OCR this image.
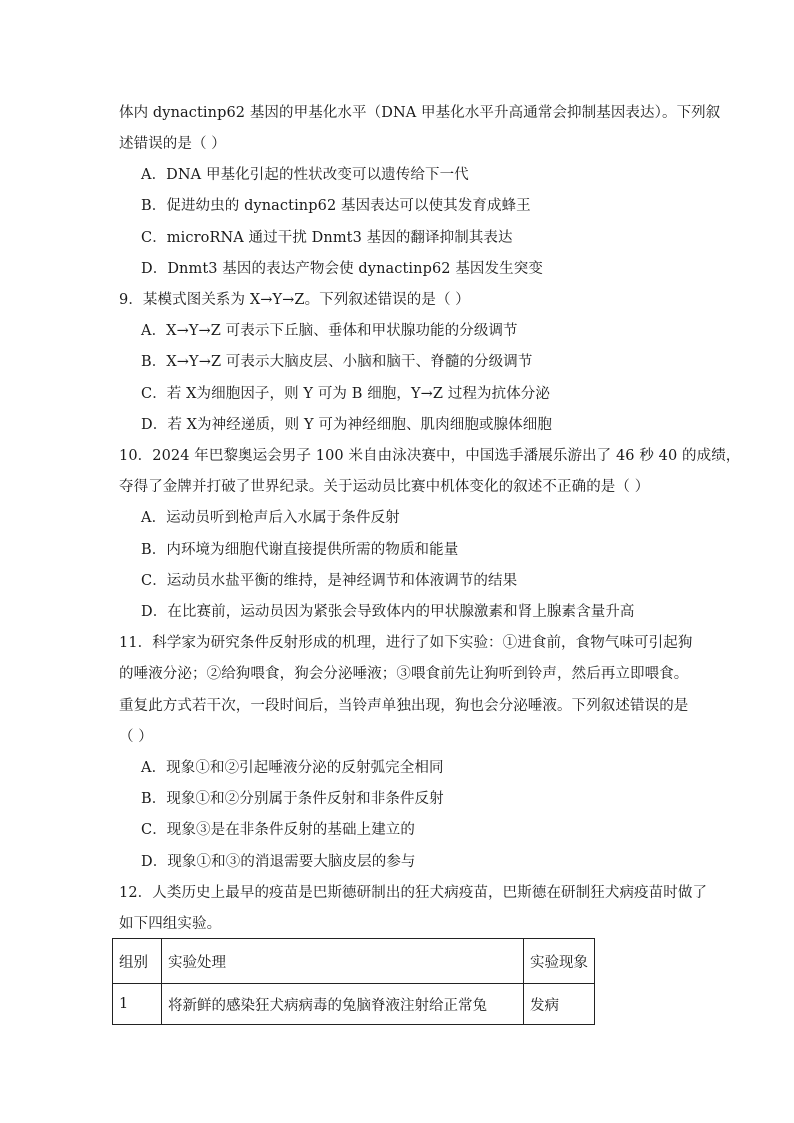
体内 dynactinp62 基因的甲基化水平（DNA 甲基化水平升高通常会抑制基因表达）。下列叙
述错误的是（ ）
A．DNA 甲基化引起的性状改变可以遗传给下一代
B．促进幼虫的 dynactinp62 基因表达可以使其发育成蜂王
C．microRNA 通过干扰 Dnmt3 基因的翻译抑制其表达
D．Dnmt3 基因的表达产物会使 dynactinp62 基因发生突变
9．某模式图关系为 X→Y→Z。下列叙述错误的是（ ）
A．X→Y→Z 可表示下丘脑、垂体和甲状腺功能的分级调节
B．X→Y→Z 可表示大脑皮层、小脑和脑干、脊髓的分级调节
C．若 X为细胞因子，则 Y 可为 B 细胞，Y→Z 过程为抗体分泌
D．若 X为神经递质，则 Y 可为神经细胞、肌肉细胞或腺体细胞
10．2024 年巴黎奥运会男子 100 米自由泳决赛中，中国选手潘展乐游出了 46 秒 40 的成绩，
夺得了金牌并打破了世界纪录。关于运动员比赛中机体变化的叙述不正确的是（ ）
A．运动员听到枪声后入水属于条件反射
B．内环境为细胞代谢直接提供所需的物质和能量
C．运动员水盐平衡的维持，是神经调节和体液调节的结果
D．在比赛前，运动员因为紧张会导致体内的甲状腺激素和肾上腺素含量升高
11．科学家为研究条件反射形成的机理，进行了如下实验：①进食前，食物气味可引起狗
的唾液分泌；②给狗喂食，狗会分泌唾液；③喂食前先让狗听到铃声，然后再立即喂食。
重复此方式若干次，一段时间后，当铃声单独出现，狗也会分泌唾液。下列叙述错误的是
（ ）
A．现象①和②引起唾液分泌的反射弧完全相同
B．现象①和②分别属于条件反射和非条件反射
C．现象③是在非条件反射的基础上建立的
D．现象①和③的消退需要大脑皮层的参与
12．人类历史上最早的疫苗是巴斯德研制出的狂犬病疫苗，巴斯德在研制狂犬病疫苗时做了
如下四组实验。
组别	实验处理	实验现象
1	将新鲜的感染狂犬病病毒的兔脑脊液注射给正常兔	发病
